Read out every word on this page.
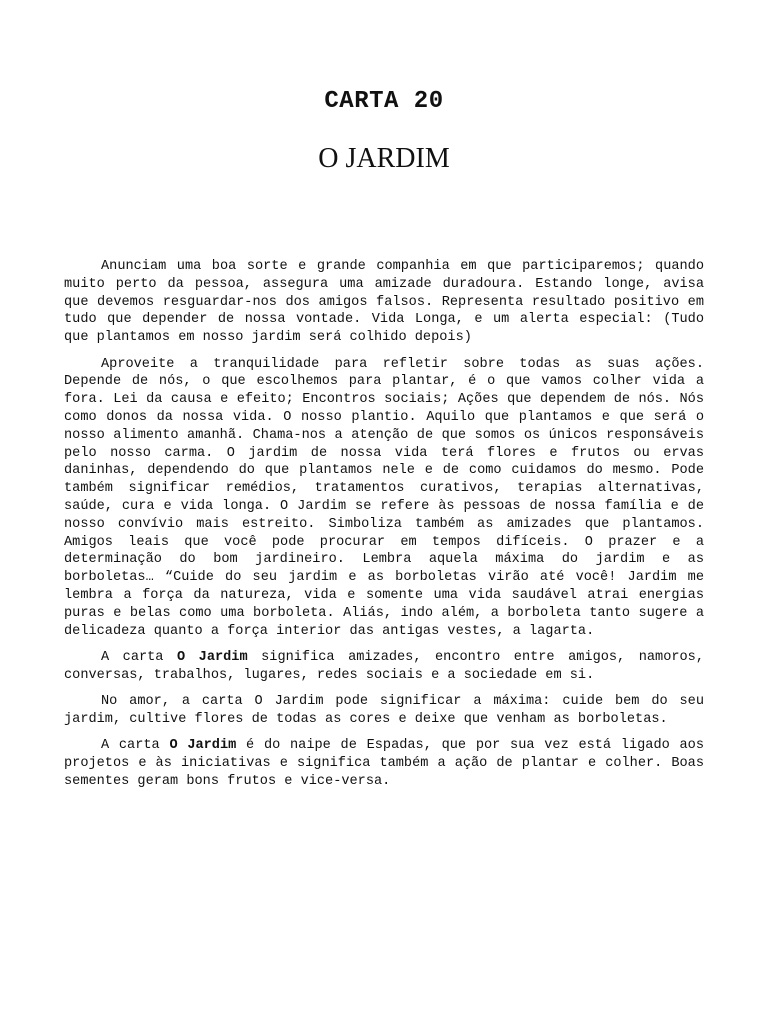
CARTA 20
O JARDIM

Anunciam uma boa sorte e grande companhia em que participaremos; quando muito perto da pessoa, assegura uma amizade duradoura. Estando longe, avisa que devemos resguardar-nos dos amigos falsos. Representa resultado positivo em tudo que depender de nossa vontade. Vida Longa, e um alerta especial: (Tudo que plantamos em nosso jardim será colhido depois)

Aproveite a tranquilidade para refletir sobre todas as suas ações. Depende de nós, o que escolhemos para plantar, é o que vamos colher vida a fora. Lei da causa e efeito; Encontros sociais; Ações que dependem de nós. Nós como donos da nossa vida. O nosso plantio. Aquilo que plantamos e que será o nosso alimento amanhã. Chama-nos a atenção de que somos os únicos responsáveis pelo nosso carma. O jardim de nossa vida terá flores e frutos ou ervas daninhas, dependendo do que plantamos nele e de como cuidamos do mesmo. Pode também significar remédios, tratamentos curativos, terapias alternativas, saúde, cura e vida longa. O Jardim se refere às pessoas de nossa família e de nosso convívio mais estreito. Simboliza também as amizades que plantamos. Amigos leais que você pode procurar em tempos difíceis. O prazer e a determinação do bom jardineiro. Lembra aquela máxima do jardim e as borboletas… “Cuide do seu jardim e as borboletas virão até você! Jardim me lembra a força da natureza, vida e somente uma vida saudável atrai energias puras e belas como uma borboleta. Aliás, indo além, a borboleta tanto sugere a delicadeza quanto a força interior das antigas vestes, a lagarta.

A carta O Jardim significa amizades, encontro entre amigos, namoros, conversas, trabalhos, lugares, redes sociais e a sociedade em si.

No amor, a carta O Jardim pode significar a máxima: cuide bem do seu jardim, cultive flores de todas as cores e deixe que venham as borboletas.

A carta O Jardim é do naipe de Espadas, que por sua vez está ligado aos projetos e às iniciativas e significa também a ação de plantar e colher. Boas sementes geram bons frutos e vice-versa.
